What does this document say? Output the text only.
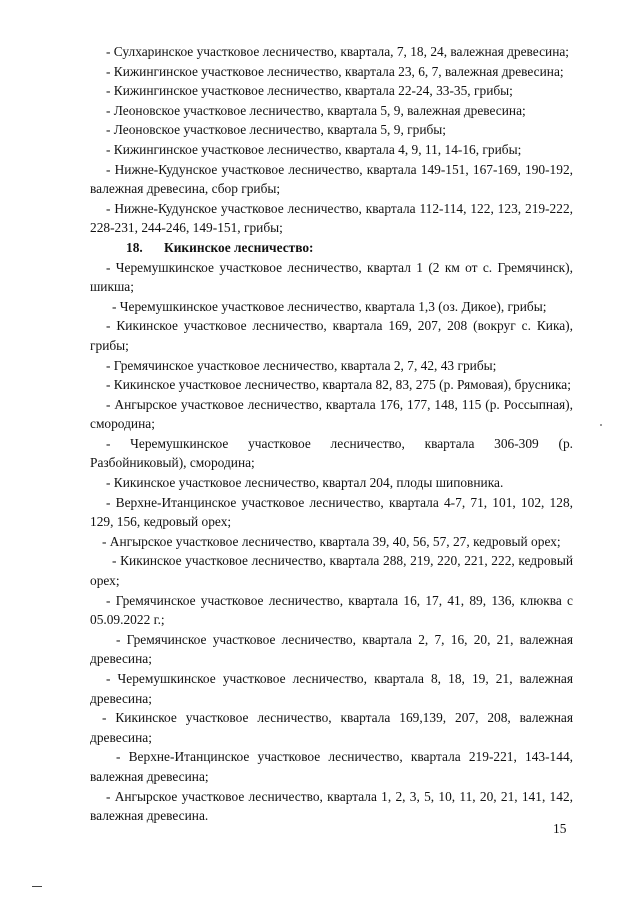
- Сулхаринское участковое лесничество, квартала, 7, 18, 24, валежная древесина;

- Кижингинское участковое лесничество, квартала 23, 6, 7, валежная древесина;

- Кижингинское участковое лесничество, квартала 22-24, 33-35, грибы;

- Леоновское участковое лесничество, квартала 5, 9, валежная древесина;

- Леоновское участковое лесничество, квартала 5, 9, грибы;

- Кижингинское участковое лесничество, квартала 4, 9, 11, 14-16, грибы;

- Нижне-Кудунское участковое лесничество, квартала 149-151, 167-169, 190-192, валежная древесина, сбор грибы;

- Нижне-Кудунское участковое лесничество, квартала 112-114, 122, 123, 219-222, 228-231, 244-246, 149-151, грибы;

18. Кикинское лесничество:

- Черемушкинское участковое лесничество, квартал 1 (2 км от с. Гремячинск), шикша;

- Черемушкинское участковое лесничество, квартала 1,3 (оз. Дикое), грибы;

- Кикинское участковое лесничество, квартала 169, 207, 208 (вокруг с. Кика), грибы;

- Гремячинское участковое лесничество, квартала 2, 7, 42, 43 грибы;

- Кикинское участковое лесничество, квартала 82, 83, 275 (р. Рямовая), брусника;

- Ангырское участковое лесничество, квартала 176, 177, 148, 115 (р. Россыпная), смородина;

- Черемушкинское участковое лесничество, квартала 306-309 (р. Разбойниковый), смородина;

- Кикинское участковое лесничество, квартал 204, плоды шиповника.

- Верхне-Итанцинское участковое лесничество, квартала 4-7, 71, 101, 102, 128, 129, 156, кедровый орех;

- Ангырское участковое лесничество, квартала 39, 40, 56, 57, 27, кедровый орех;

- Кикинское участковое лесничество, квартала 288, 219, 220, 221, 222, кедровый орех;

- Гремячинское участковое лесничество, квартала 16, 17, 41, 89, 136, клюква с 05.09.2022 г.;

- Гремячинское участковое лесничество, квартала 2, 7, 16, 20, 21, валежная древесина;

- Черемушкинское участковое лесничество, квартала 8, 18, 19, 21, валежная древесина;

- Кикинское участковое лесничество, квартала 169,139, 207, 208, валежная древесина;

- Верхне-Итанцинское участковое лесничество, квартала 219-221, 143-144, валежная древесина;

- Ангырское участковое лесничество, квартала 1, 2, 3, 5, 10, 11, 20, 21, 141, 142, валежная древесина.

15
